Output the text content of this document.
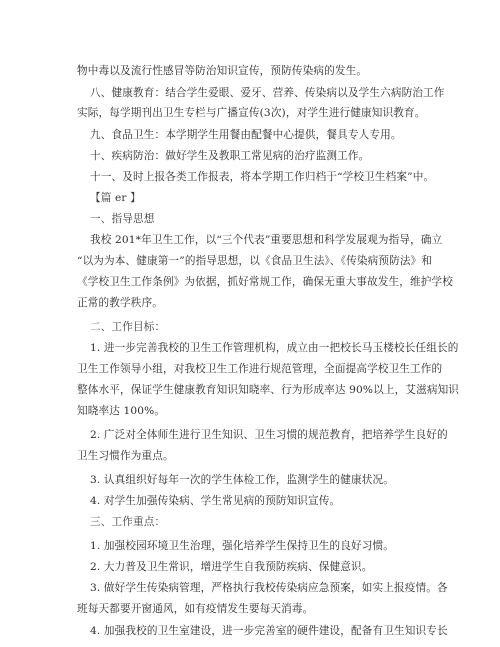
物中毒以及流行性感冒等防治知识宣传，预防传染病的发生。
八、健康教育：结合学生爱眼、爱牙、营养、传染病以及学生六病防治工作
实际，每学期刊出卫生专栏与广播宣传(3次)，对学生进行健康知识教育。
九、食品卫生：本学期学生用餐由配餐中心提供，餐具专人专用。
十、疾病防治：做好学生及教职工常见病的治疗监测工作。
十一、及时上报各类工作报表，将本学期工作归档于“学校卫生档案”中。
【篇 er 】
一、指导思想
我校 201*年卫生工作，以“三个代表”重要思想和科学发展观为指导，确立
“以为为本、健康第一”的指导思想，以《食品卫生法》、《传染病预防法》和
《学校卫生工作条例》为依据，抓好常规工作，确保无重大事故发生，维护学校
正常的教学秩序。
二、工作目标：
1. 进一步完善我校的卫生工作管理机构，成立由一把校长马玉楼校长任组长的
卫生工作领导小组，对我校卫生工作进行规范管理，全面提高学校卫生工作的
整体水平，保证学生健康教育知识知晓率、行为形成率达 90%以上，艾滋病知识
知晓率达 100%。
2. 广泛对全体师生进行卫生知识、卫生习惯的规范教育，把培养学生良好的
卫生习惯作为重点。
3. 认真组织好每年一次的学生体检工作，监测学生的健康状况。
4. 对学生加强传染病、学生常见病的预防知识宣传。
三、工作重点：
1. 加强校园环境卫生治理，强化培养学生保持卫生的良好习惯。
2. 大力普及卫生常识，增进学生自我预防疾病、保健意识。
3. 做好学生传染病管理，严格执行我校传染病应急预案，如实上报疫情。各
班每天都要开窗通风，如有疫情发生要每天消毒。
4. 加强我校的卫生室建设，进一步完善室的硬件建设，配备有卫生知识专长
